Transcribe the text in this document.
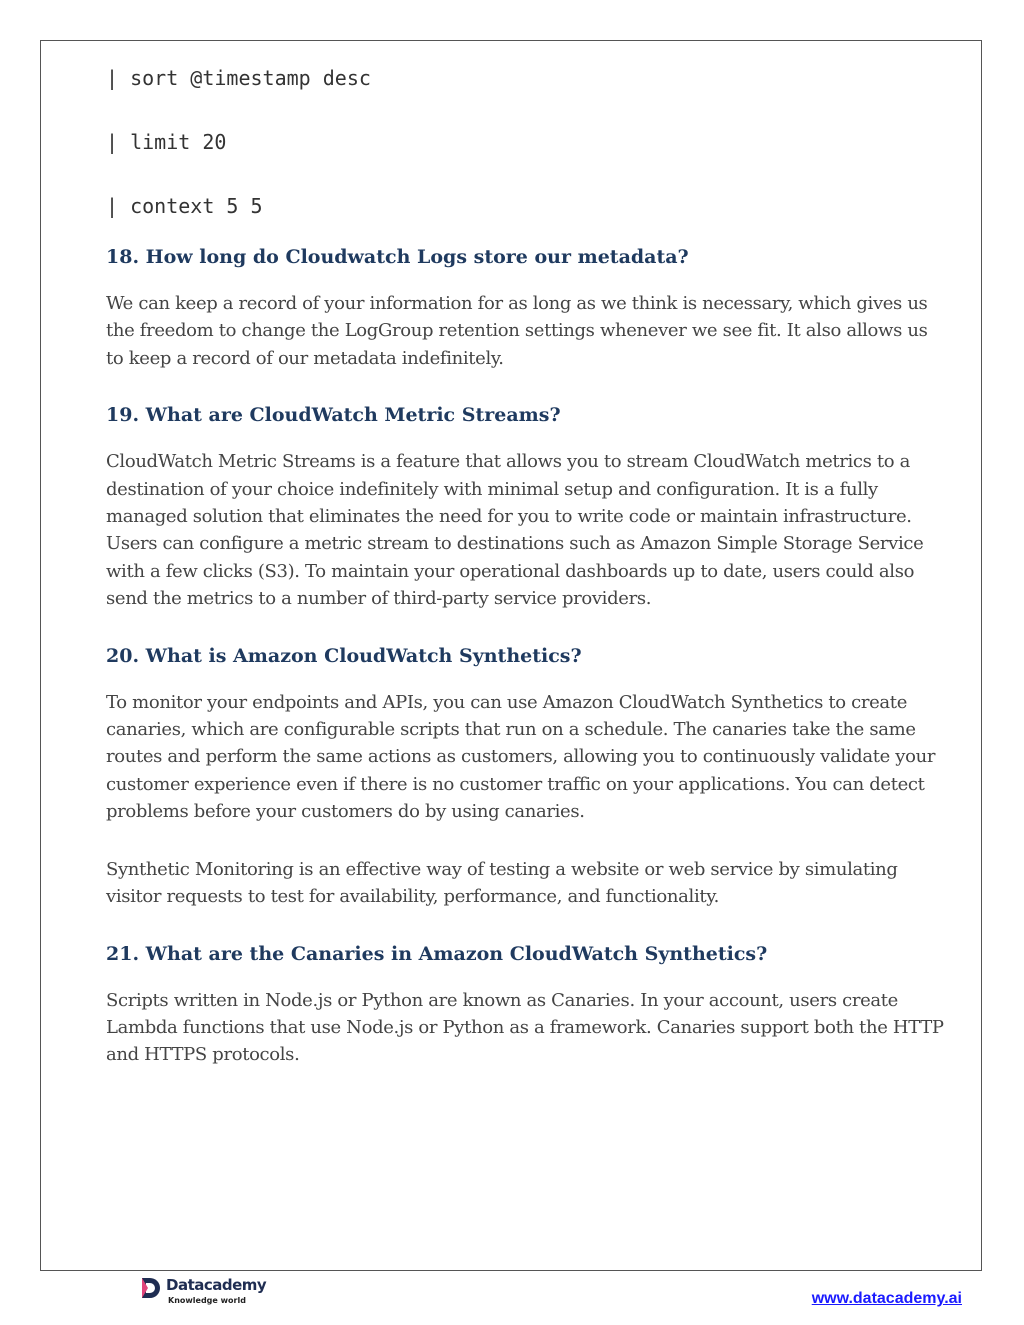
| sort @timestamp desc
| limit 20
| context 5 5
18. How long do Cloudwatch Logs store our metadata?

We can keep a record of your information for as long as we think is necessary, which gives us the freedom to change the LogGroup retention settings whenever we see fit. It also allows us to keep a record of our metadata indefinitely.

19. What are CloudWatch Metric Streams?

CloudWatch Metric Streams is a feature that allows you to stream CloudWatch metrics to a destination of your choice indefinitely with minimal setup and configuration. It is a fully managed solution that eliminates the need for you to write code or maintain infrastructure. Users can configure a metric stream to destinations such as Amazon Simple Storage Service with a few clicks (S3). To maintain your operational dashboards up to date, users could also send the metrics to a number of third-party service providers.

20. What is Amazon CloudWatch Synthetics?

To monitor your endpoints and APIs, you can use Amazon CloudWatch Synthetics to create canaries, which are configurable scripts that run on a schedule. The canaries take the same routes and perform the same actions as customers, allowing you to continuously validate your customer experience even if there is no customer traffic on your applications. You can detect problems before your customers do by using canaries.

Synthetic Monitoring is an effective way of testing a website or web service by simulating visitor requests to test for availability, performance, and functionality.

21. What are the Canaries in Amazon CloudWatch Synthetics?

Scripts written in Node.js or Python are known as Canaries. In your account, users create Lambda functions that use Node.js or Python as a framework. Canaries support both the HTTP and HTTPS protocols.

Datacademy
Knowledge world	www.datacademy.ai
